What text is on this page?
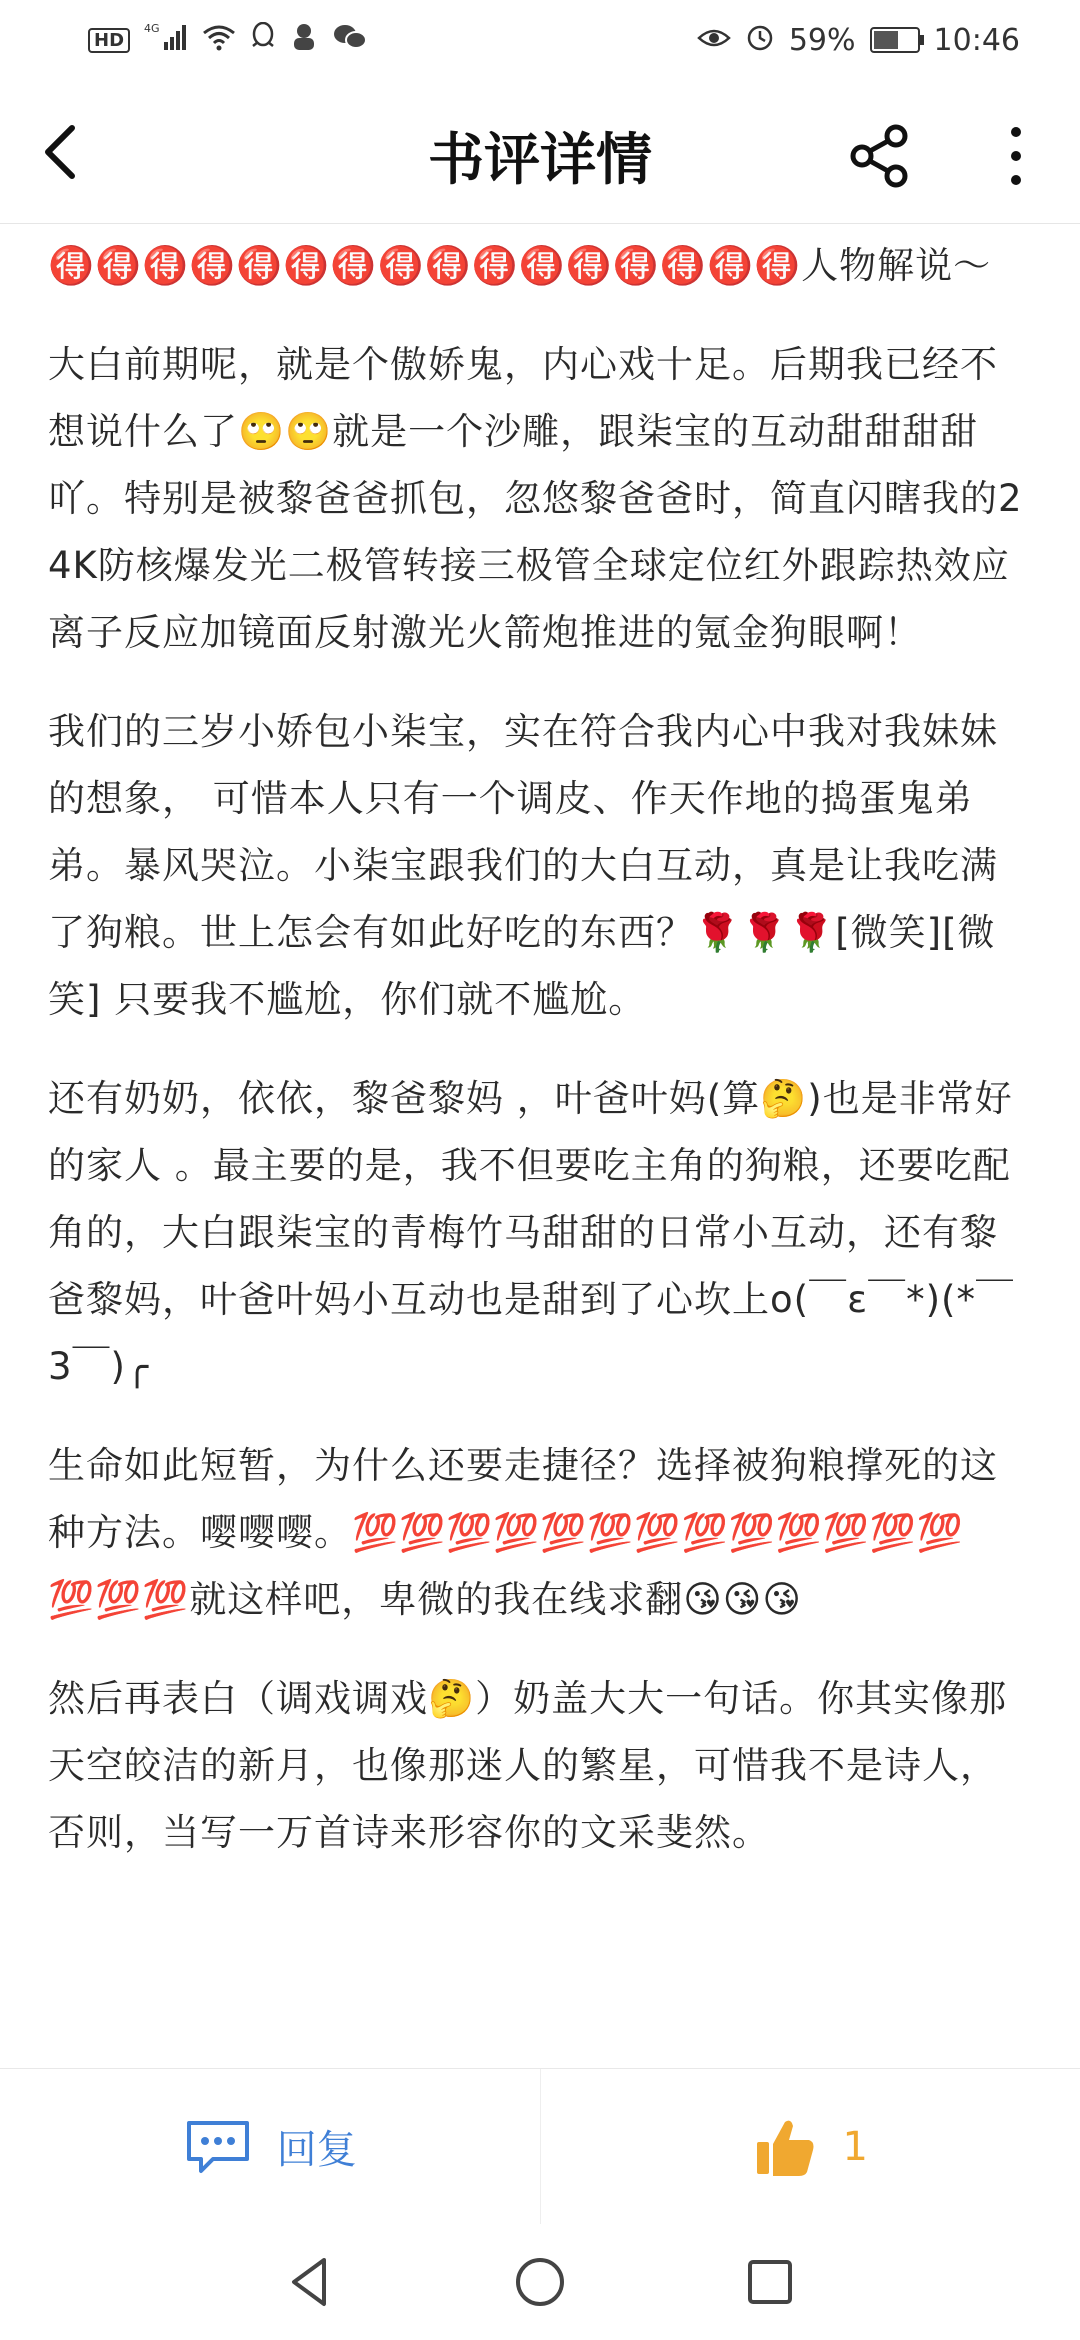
HD
4G	59%	10:46
书评详情

🉐🉐🉐🉐🉐🉐🉐🉐🉐🉐🉐🉐🉐🉐🉐🉐人物解说～

大白前期呢，就是个傲娇鬼，内心戏十足。后期我已经不想说什么了🙄🙄就是一个沙雕，跟柒宝的互动甜甜甜甜吖。特别是被黎爸爸抓包，忽悠黎爸爸时，简直闪瞎我的24K防核爆发光二极管转接三极管全球定位红外跟踪热效应离子反应加镜面反射激光火箭炮推进的氪金狗眼啊！

我们的三岁小娇包小柒宝，实在符合我内心中我对我妹妹的想象， 可惜本人只有一个调皮、作天作地的捣蛋鬼弟弟。暴风哭泣。小柒宝跟我们的大白互动，真是让我吃满了狗粮。世上怎会有如此好吃的东西？🌹🌹🌹[微笑][微笑] 只要我不尴尬，你们就不尴尬。

还有奶奶，依依，黎爸黎妈 ，叶爸叶妈(算🤔)也是非常好的家人 。最主要的是，我不但要吃主角的狗粮，还要吃配角的，大白跟柒宝的青梅竹马甜甜的日常小互动，还有黎爸黎妈，叶爸叶妈小互动也是甜到了心坎上o(￣ε￣*)(*￣3￣)╭

生命如此短暂，为什么还要走捷径？选择被狗粮撑死的这种方法。嘤嘤嘤。💯💯💯💯💯💯💯💯💯💯💯💯💯💯💯💯就这样吧，卑微的我在线求翻😘😘😘

然后再表白（调戏调戏🤔）奶盖大大一句话。你其实像那天空皎洁的新月，也像那迷人的繁星，可惜我不是诗人，否则，当写一万首诗来形容你的文采斐然。

回复	1
